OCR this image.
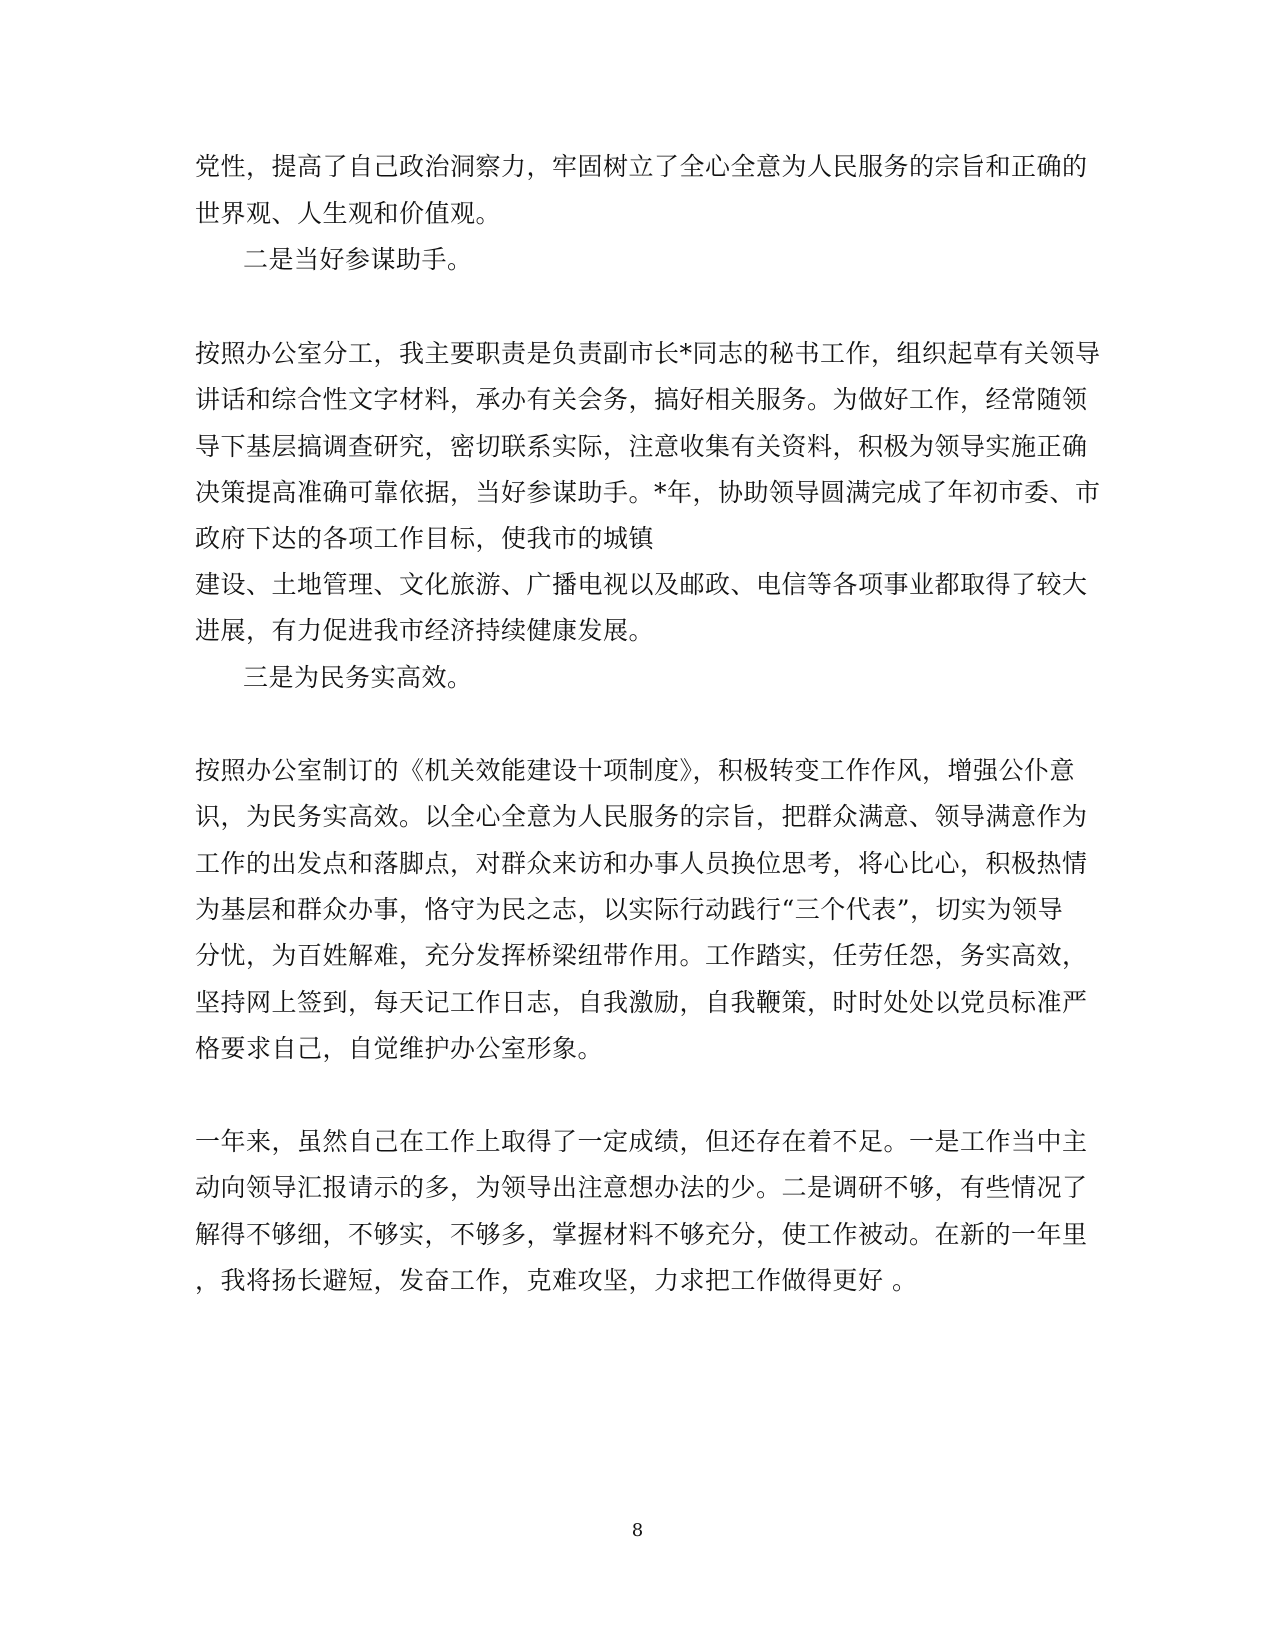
党性，提高了自己政治洞察力，牢固树立了全心全意为人民服务的宗旨和正确的
世界观、人生观和价值观。
二是当好参谋助手。
按照办公室分工，我主要职责是负责副市长*同志的秘书工作，组织起草有关领导
讲话和综合性文字材料，承办有关会务，搞好相关服务。为做好工作，经常随领
导下基层搞调查研究，密切联系实际，注意收集有关资料，积极为领导实施正确
决策提高准确可靠依据，当好参谋助手。*年，协助领导圆满完成了年初市委、市
政府下达的各项工作目标，使我市的城镇
建设、土地管理、文化旅游、广播电视以及邮政、电信等各项事业都取得了较大
进展，有力促进我市经济持续健康发展。
三是为民务实高效。
按照办公室制订的《机关效能建设十项制度》，积极转变工作作风，增强公仆意
识，为民务实高效。以全心全意为人民服务的宗旨，把群众满意、领导满意作为
工作的出发点和落脚点，对群众来访和办事人员换位思考，将心比心，积极热情
为基层和群众办事，恪守为民之志，以实际行动践行“三个代表”，切实为领导
分忧，为百姓解难，充分发挥桥梁纽带作用。工作踏实，任劳任怨，务实高效，
坚持网上签到，每天记工作日志，自我激励，自我鞭策，时时处处以党员标准严
格要求自己，自觉维护办公室形象。
一年来，虽然自己在工作上取得了一定成绩，但还存在着不足。一是工作当中主
动向领导汇报请示的多，为领导出注意想办法的少。二是调研不够，有些情况了
解得不够细，不够实，不够多，掌握材料不够充分，使工作被动。在新的一年里
，我将扬长避短，发奋工作，克难攻坚，力求把工作做得更好 。
8
